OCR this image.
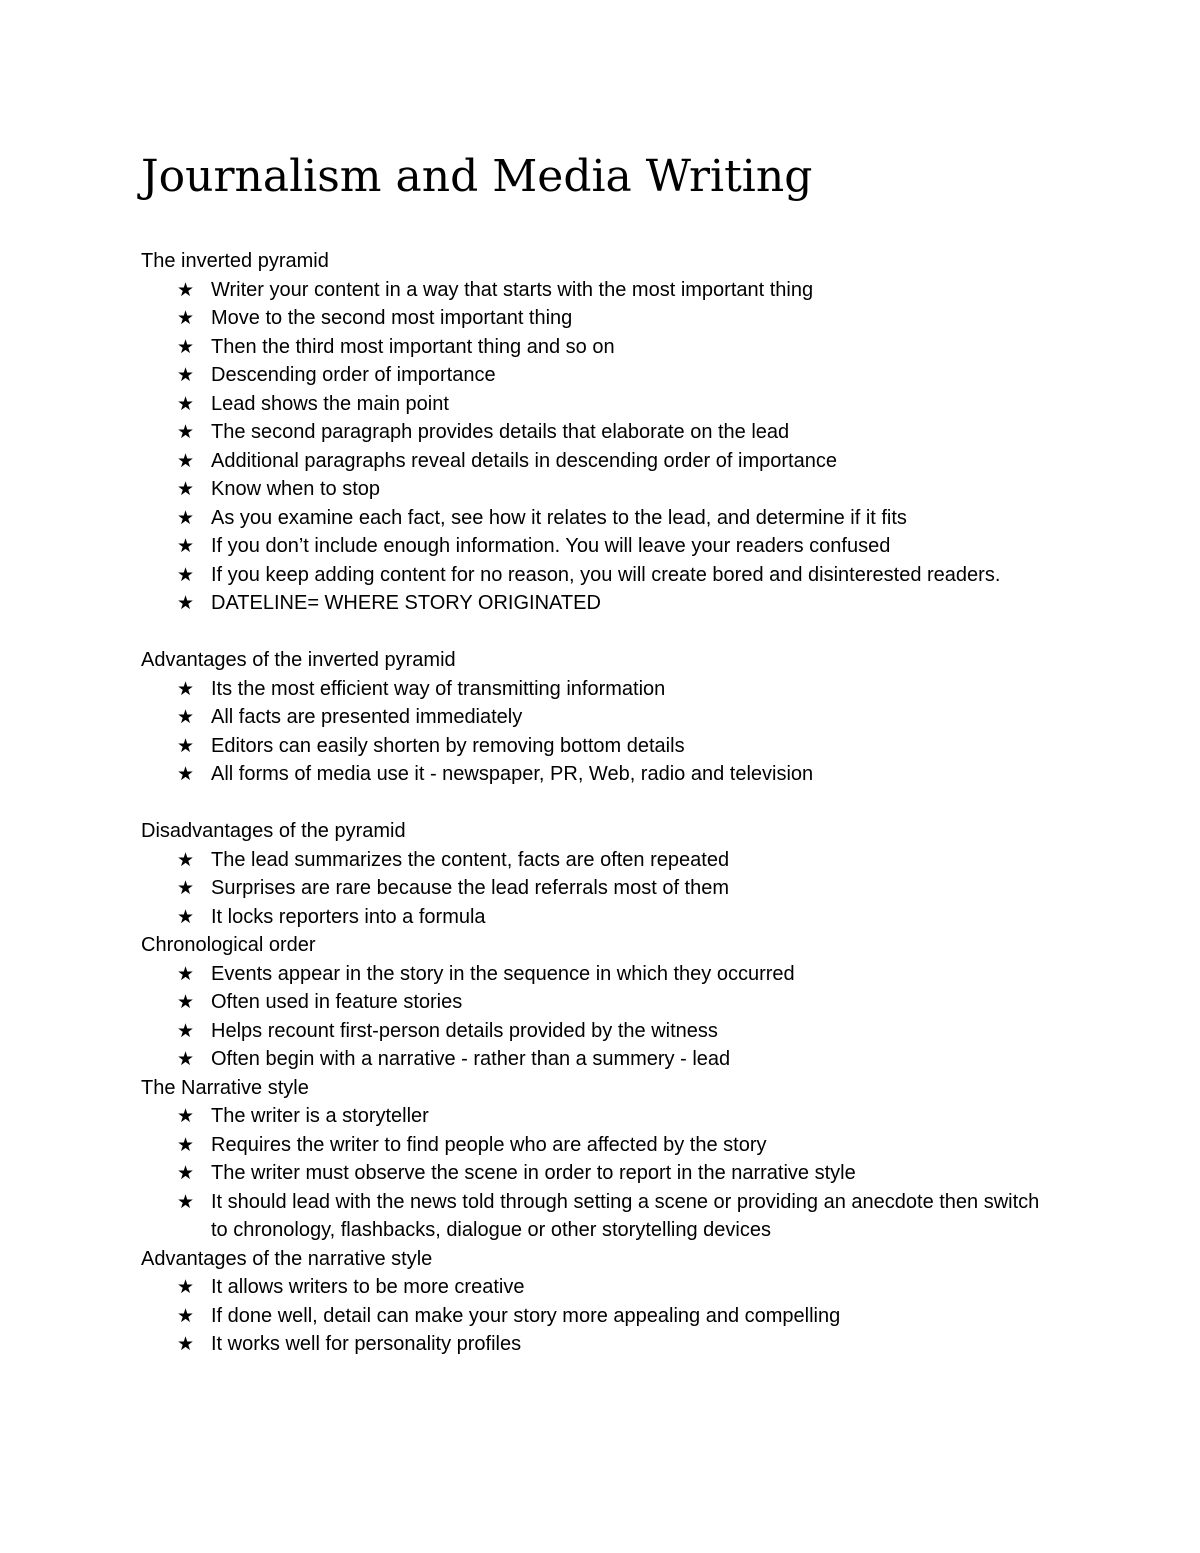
Journalism and Media Writing

The inverted pyramid

★ Writer your content in a way that starts with the most important thing
★ Move to the second most important thing
★ Then the third most important thing and so on
★ Descending order of importance
★ Lead shows the main point
★ The second paragraph provides details that elaborate on the lead
★ Additional paragraphs reveal details in descending order of importance
★ Know when to stop
★ As you examine each fact, see how it relates to the lead, and determine if it fits
★ If you don’t include enough information. You will leave your readers confused
★ If you keep adding content for no reason, you will create bored and disinterested readers.
★ DATELINE= WHERE STORY ORIGINATED

Advantages of the inverted pyramid

★ Its the most efficient way of transmitting information
★ All facts are presented immediately
★ Editors can easily shorten by removing bottom details
★ All forms of media use it - newspaper, PR, Web, radio and television

Disadvantages of the pyramid

★ The lead summarizes the content, facts are often repeated
★ Surprises are rare because the lead referrals most of them
★ It locks reporters into a formula

Chronological order

★ Events appear in the story in the sequence in which they occurred
★ Often used in feature stories
★ Helps recount first-person details provided by the witness
★ Often begin with a narrative - rather than a summery - lead

The Narrative style

★ The writer is a storyteller
★ Requires the writer to find people who are affected by the story
★ The writer must observe the scene in order to report in the narrative style
★ It should lead with the news told through setting a scene or providing an anecdote then switch to chronology, flashbacks, dialogue or other storytelling devices

Advantages of the narrative style

★ It allows writers to be more creative
★ If done well, detail can make your story more appealing and compelling
★ It works well for personality profiles
